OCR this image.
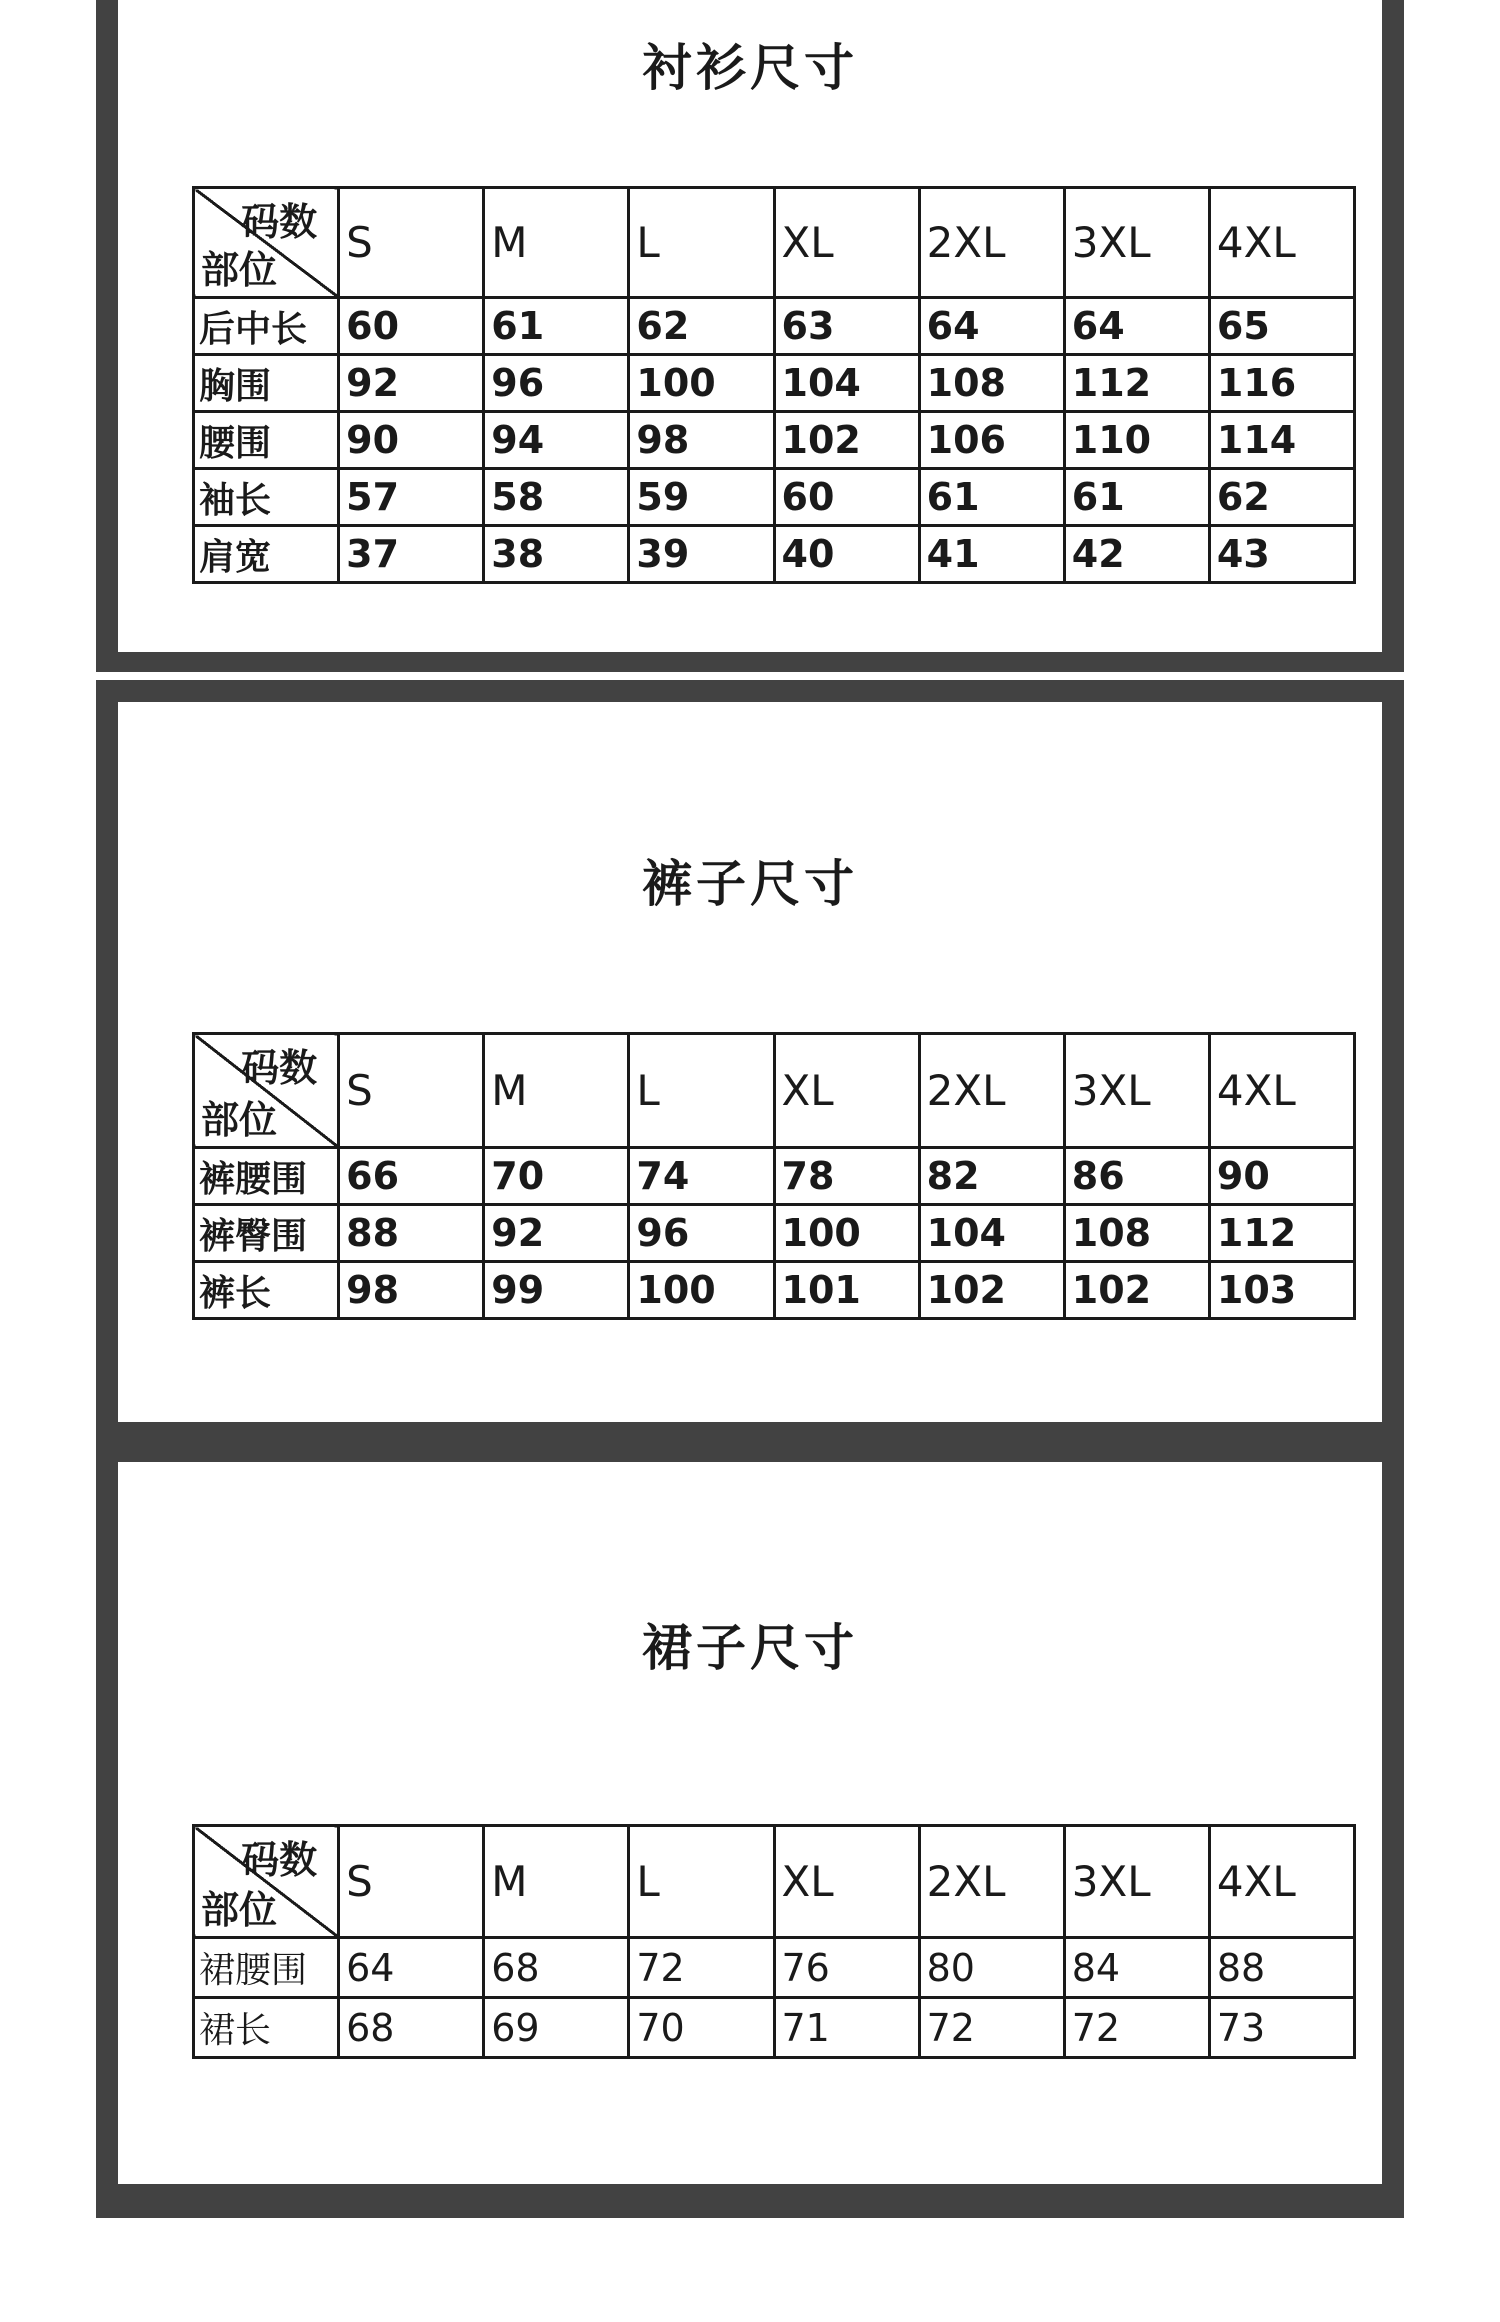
衬衫尺寸
码数
部位	S	M	L	XL	2XL	3XL	4XL
后中长	60	61	62	63	64	64	65
胸围	92	96	100	104	108	112	116
腰围	90	94	98	102	106	110	114
袖长	57	58	59	60	61	61	62
肩宽	37	38	39	40	41	42	43
裤子尺寸
码数
部位	S	M	L	XL	2XL	3XL	4XL
裤腰围	66	70	74	78	82	86	90
裤臀围	88	92	96	100	104	108	112
裤长	98	99	100	101	102	102	103
裙子尺寸
码数
部位	S	M	L	XL	2XL	3XL	4XL
裙腰围	64	68	72	76	80	84	88
裙长	68	69	70	71	72	72	73
